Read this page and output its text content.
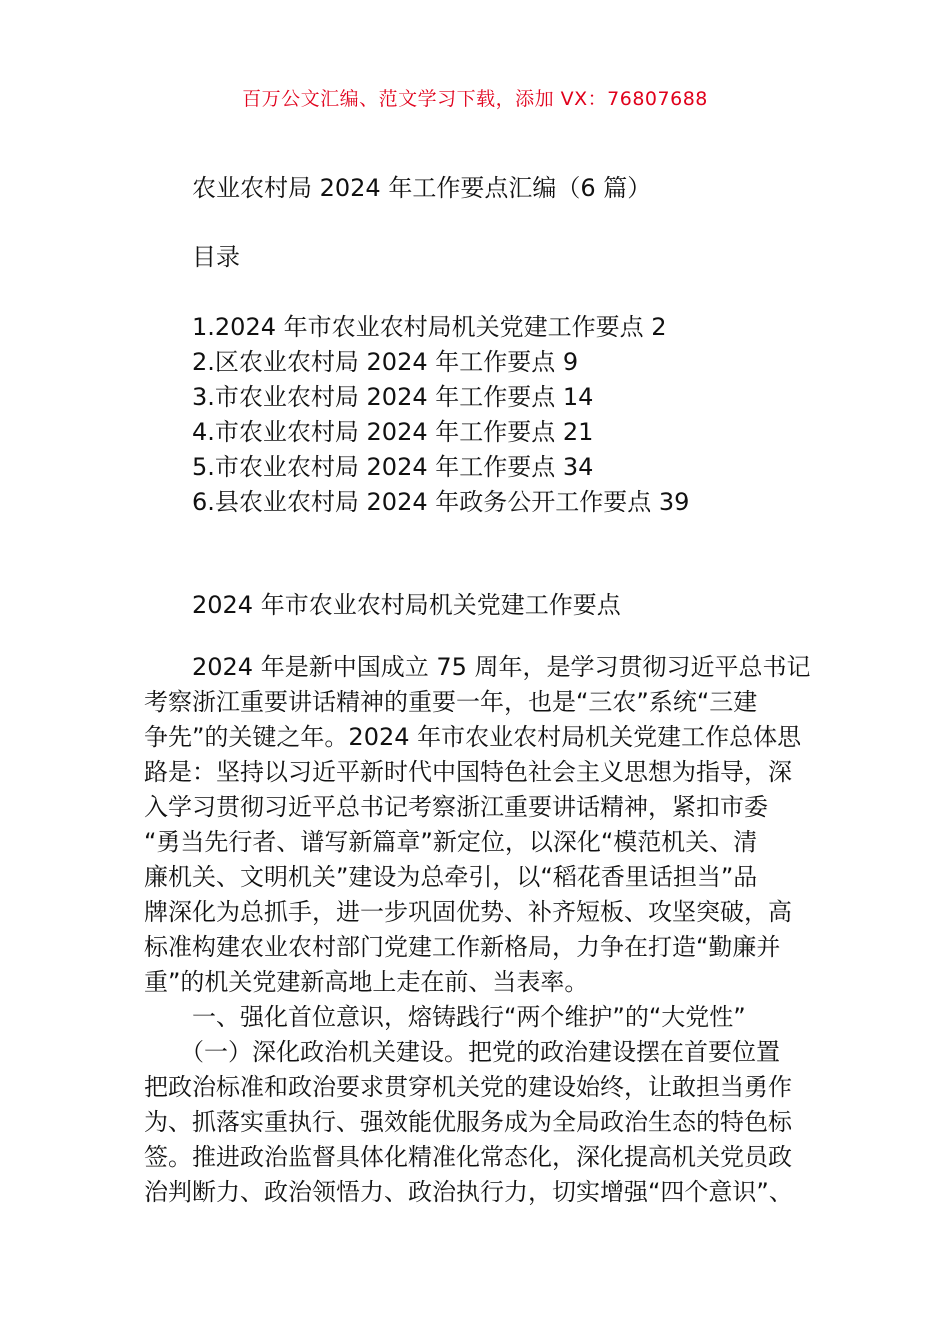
百万公文汇编、范文学习下载，添加 VX：76807688
农业农村局 2024 年工作要点汇编（6 篇）
目录
1.2024 年市农业农村局机关党建工作要点 2
2.区农业农村局 2024 年工作要点 9
3.市农业农村局 2024 年工作要点 14
4.市农业农村局 2024 年工作要点 21
5.市农业农村局 2024 年工作要点 34
6.县农业农村局 2024 年政务公开工作要点 39
2024 年市农业农村局机关党建工作要点
　　2024 年是新中国成立 75 周年，是学习贯彻习近平总书记
考察浙江重要讲话精神的重要一年，也是“三农”系统“三建
争先”的关键之年。2024 年市农业农村局机关党建工作总体思
路是：坚持以习近平新时代中国特色社会主义思想为指导，深
入学习贯彻习近平总书记考察浙江重要讲话精神，紧扣市委
“勇当先行者、谱写新篇章”新定位，以深化“模范机关、清
廉机关、文明机关”建设为总牵引，以“稻花香里话担当”品
牌深化为总抓手，进一步巩固优势、补齐短板、攻坚突破，高
标准构建农业农村部门党建工作新格局，力争在打造“勤廉并
重”的机关党建新高地上走在前、当表率。
　　一、强化首位意识，熔铸践行“两个维护”的“大党性”
　　（一）深化政治机关建设。把党的政治建设摆在首要位置
把政治标准和政治要求贯穿机关党的建设始终，让敢担当勇作
为、抓落实重执行、强效能优服务成为全局政治生态的特色标
签。推进政治监督具体化精准化常态化，深化提高机关党员政
治判断力、政治领悟力、政治执行力，切实增强“四个意识”、
